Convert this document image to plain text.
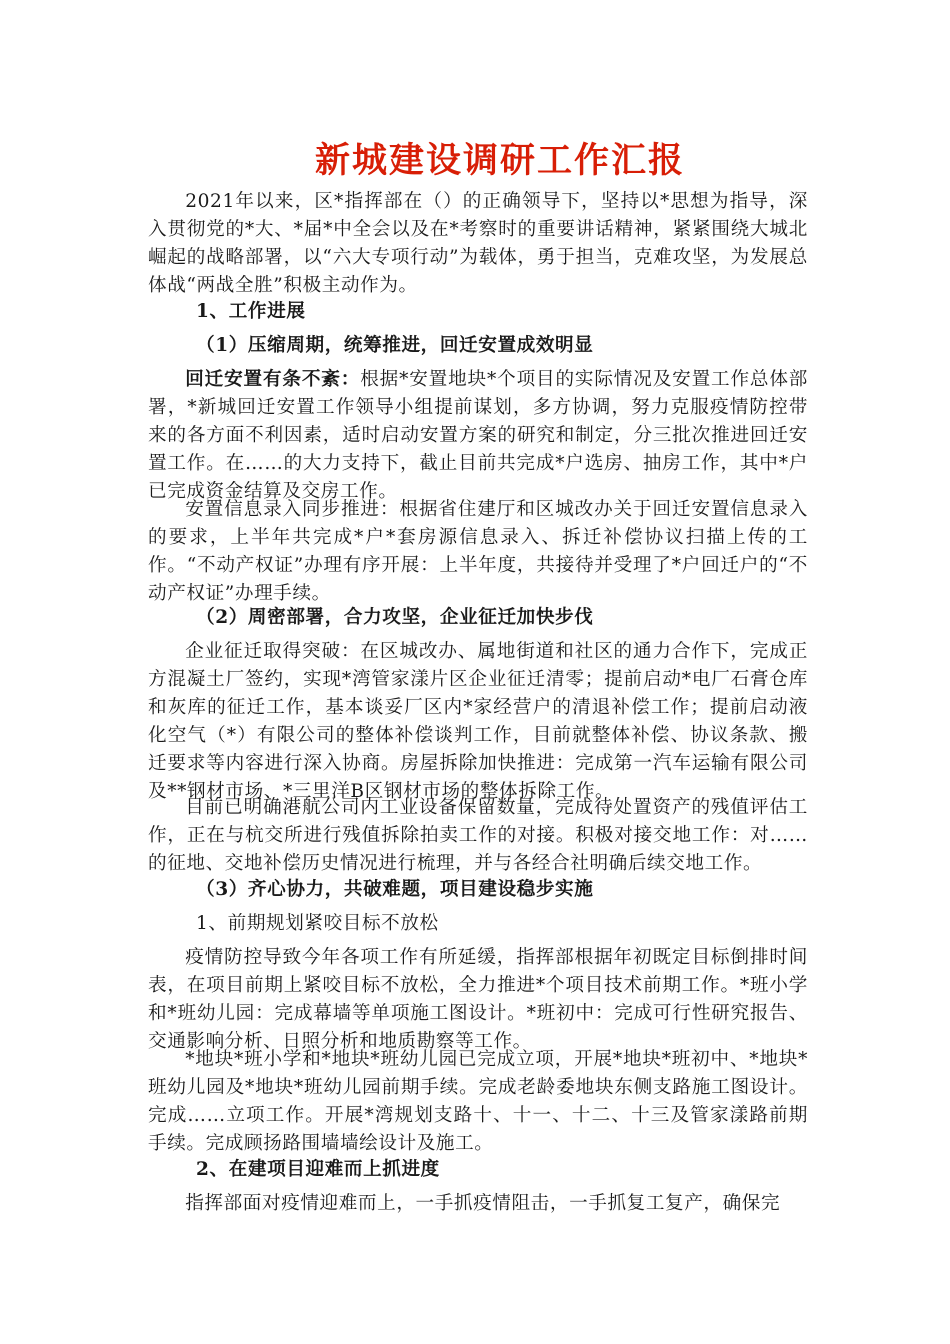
新城建设调研工作汇报
2021年以来，区*指挥部在（）的正确领导下，坚持以*思想为指导，深入贯彻党的*大、*届*中全会以及在*考察时的重要讲话精神，紧紧围绕大城北崛起的战略部署，以“六大专项行动”为载体，勇于担当，克难攻坚，为发展总体战“两战全胜”积极主动作为。
1、工作进展
（1）压缩周期，统筹推进，回迁安置成效明显
回迁安置有条不紊：根据*安置地块*个项目的实际情况及安置工作总体部署，*新城回迁安置工作领导小组提前谋划，多方协调，努力克服疫情防控带来的各方面不利因素，适时启动安置方案的研究和制定，分三批次推进回迁安置工作。在……的大力支持下，截止目前共完成*户选房、抽房工作，其中*户已完成资金结算及交房工作。
安置信息录入同步推进：根据省住建厅和区城改办关于回迁安置信息录入的要求，上半年共完成*户*套房源信息录入、拆迁补偿协议扫描上传的工作。“不动产权证”办理有序开展：上半年度，共接待并受理了*户回迁户的“不动产权证”办理手续。
（2）周密部署，合力攻坚，企业征迁加快步伐
企业征迁取得突破：在区城改办、属地街道和社区的通力合作下，完成正方混凝土厂签约，实现*湾管家漾片区企业征迁清零；提前启动*电厂石膏仓库和灰库的征迁工作，基本谈妥厂区内*家经营户的清退补偿工作；提前启动液化空气（*）有限公司的整体补偿谈判工作，目前就整体补偿、协议条款、搬迁要求等内容进行深入协商。房屋拆除加快推进：完成第一汽车运输有限公司及**钢材市场、*三里洋B区钢材市场的整体拆除工作。
目前已明确港航公司内工业设备保留数量，完成待处置资产的残值评估工作，正在与杭交所进行残值拆除拍卖工作的对接。积极对接交地工作：对……的征地、交地补偿历史情况进行梳理，并与各经合社明确后续交地工作。
（3）齐心协力，共破难题，项目建设稳步实施
1、前期规划紧咬目标不放松
疫情防控导致今年各项工作有所延缓，指挥部根据年初既定目标倒排时间表，在项目前期上紧咬目标不放松，全力推进*个项目技术前期工作。*班小学和*班幼儿园：完成幕墙等单项施工图设计。*班初中：完成可行性研究报告、交通影响分析、日照分析和地质勘察等工作。
*地块*班小学和*地块*班幼儿园已完成立项，开展*地块*班初中、*地块*班幼儿园及*地块*班幼儿园前期手续。完成老龄委地块东侧支路施工图设计。完成……立项工作。开展*湾规划支路十、十一、十二、十三及管家漾路前期手续。完成顾扬路围墙墙绘设计及施工。
2、在建项目迎难而上抓进度
指挥部面对疫情迎难而上，一手抓疫情阻击，一手抓复工复产，确保完
